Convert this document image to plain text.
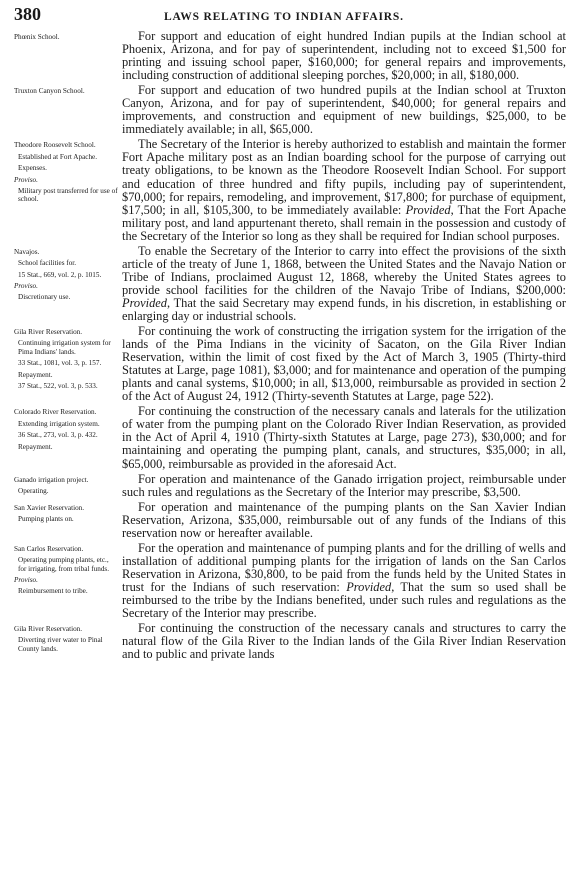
380	LAWS RELATING TO INDIAN AFFAIRS.
Phœnix School.	For support and education of eight hundred Indian pupils at the Indian school at Phoenix, Arizona, and for pay of superintendent, including not to exceed $1,500 for printing and issuing school paper, $160,000; for general repairs and improvements, including construction of additional sleeping porches, $20,000; in all, $180,000.
Truxton Canyon School.	For support and education of two hundred pupils at the Indian school at Truxton Canyon, Arizona, and for pay of superintendent, $40,000; for general repairs and improvements, and construction and equipment of new buildings, $25,000, to be immediately available; in all, $65,000.
Theodore Roosevelt School.
Established at Fort Apache.
Expenses.
Proviso.
Military post transferred for use of school.
The Secretary of the Interior is hereby authorized to establish and maintain the former Fort Apache military post as an Indian boarding school for the purpose of carrying out treaty obligations, to be known as the Theodore Roosevelt Indian School. For support and education of three hundred and fifty pupils, including pay of superintendent, $70,000; for repairs, remodeling, and improvement, $17,800; for purchase of equipment, $17,500; in all, $105,300, to be immediately available: Provided, That the Fort Apache military post, and land appurtenant thereto, shall remain in the possession and custody of the Secretary of the Interior so long as they shall be required for Indian school purposes.
Navajos.
School facilities for.
15 Stat., 669, vol. 2, p. 1015.
Proviso.
Discretionary use.
To enable the Secretary of the Interior to carry into effect the provisions of the sixth article of the treaty of June 1, 1868, between the United States and the Navajo Nation or Tribe of Indians, proclaimed August 12, 1868, whereby the United States agrees to provide school facilities for the children of the Navajo Tribe of Indians, $200,000: Provided, That the said Secretary may expend funds, in his discretion, in establishing or enlarging day or industrial schools.
Gila River Reservation.
Continuing irrigation system for Pima Indians' lands.
33 Stat., 1081, vol. 3, p. 157.
Repayment.
37 Stat., 522, vol. 3, p. 533.
For continuing the work of constructing the irrigation system for the irrigation of the lands of the Pima Indians in the vicinity of Sacaton, on the Gila River Indian Reservation, within the limit of cost fixed by the Act of March 3, 1905 (Thirty-third Statutes at Large, page 1081), $3,000; and for maintenance and operation of the pumping plants and canal systems, $10,000; in all, $13,000, reimbursable as provided in section 2 of the Act of August 24, 1912 (Thirty-seventh Statutes at Large, page 522).
Colorado River Reservation.
Extending irrigation system.
36 Stat., 273, vol. 3, p. 432.
Repayment.
For continuing the construction of the necessary canals and laterals for the utilization of water from the pumping plant on the Colorado River Indian Reservation, as provided in the Act of April 4, 1910 (Thirty-sixth Statutes at Large, page 273), $30,000; and for maintaining and operating the pumping plant, canals, and structures, $35,000; in all, $65,000, reimbursable as provided in the aforesaid Act.
Ganado irrigation project.
Operating.
For operation and maintenance of the Ganado irrigation project, reimbursable under such rules and regulations as the Secretary of the Interior may prescribe, $3,500.
San Xavier Reservation.
Pumping plants on.
For operation and maintenance of the pumping plants on the San Xavier Indian Reservation, Arizona, $35,000, reimbursable out of any funds of the Indians of this reservation now or hereafter available.
San Carlos Reservation.
Operating pumping plants, etc., for irrigating, from tribal funds.
Proviso.
Reimbursement to tribe.
For the operation and maintenance of pumping plants and for the drilling of wells and installation of additional pumping plants for the irrigation of lands on the San Carlos Reservation in Arizona, $30,800, to be paid from the funds held by the United States in trust for the Indians of such reservation: Provided, That the sum so used shall be reimbursed to the tribe by the Indians benefited, under such rules and regulations as the Secretary of the Interior may prescribe.
Gila River Reservation.
Diverting river water to Pinal County lands.
For continuing the construction of the necessary canals and structures to carry the natural flow of the Gila River to the Indian lands of the Gila River Indian Reservation and to public and private lands
